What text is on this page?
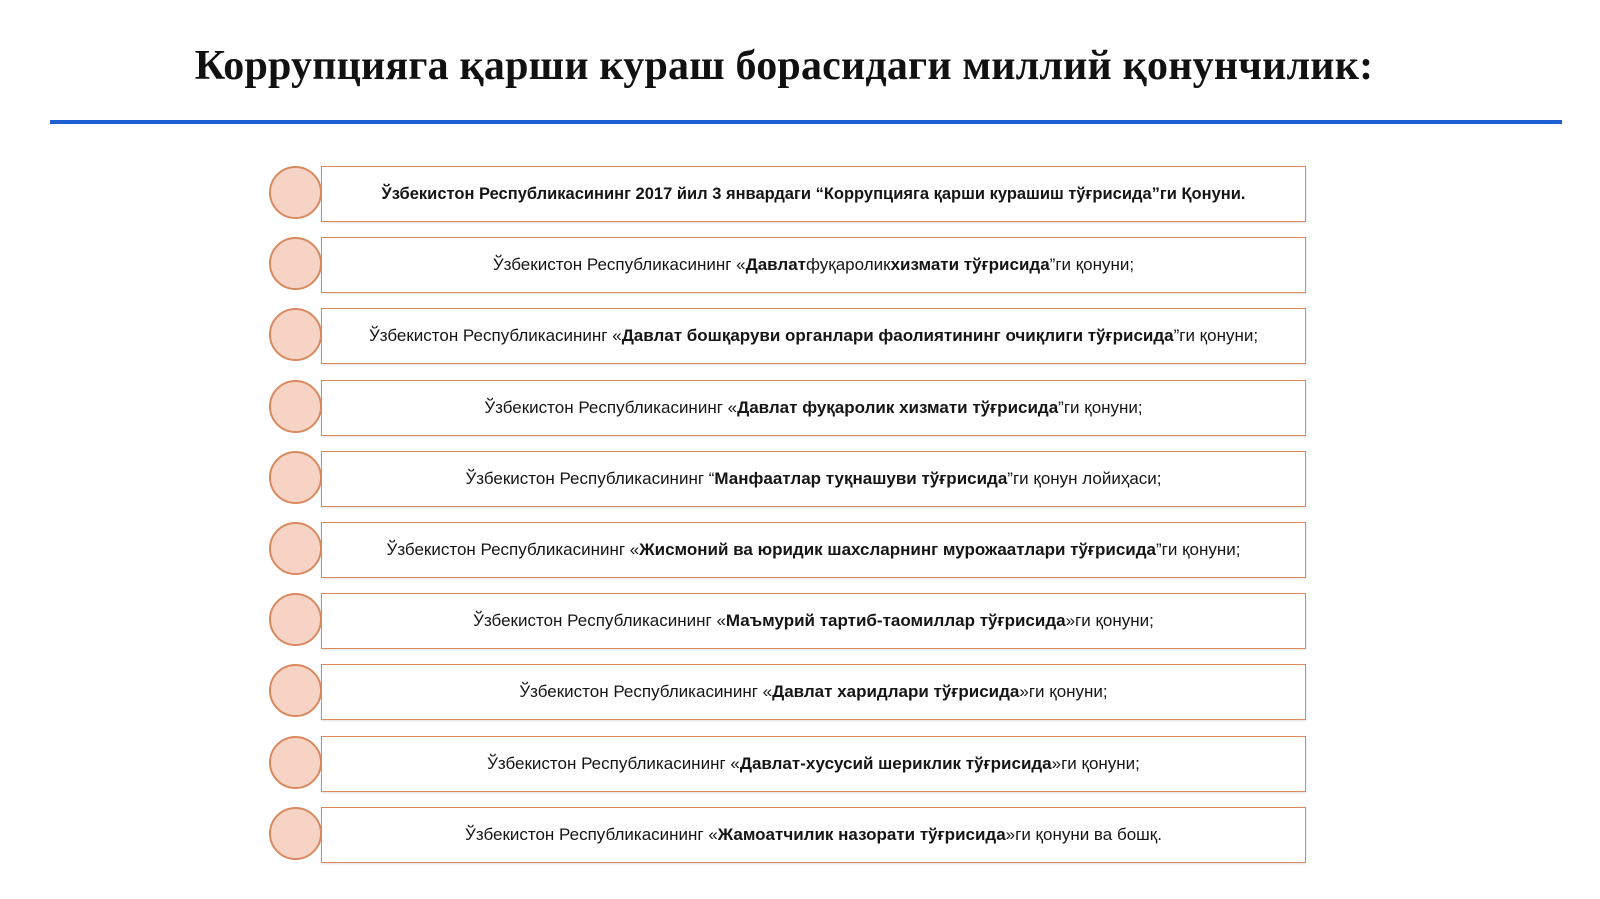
Коррупцияга қарши кураш борасидаги миллий қонунчилик:
Ўзбекистон Республикасининг 2017 йил 3 январдаги “Коррупцияга қарши курашиш тўғрисида”ги Қонуни .
Ўзбекистон Республикасининг « Давлат фуқаролик хизмати тўғрисида ”ги қонуни;
Ўзбекистон Республикасининг « Давлат бошқаруви органлари фаолиятининг очиқлиги тўғрисида ”ги қонуни;
Ўзбекистон Республикасининг « Давлат фуқаролик хизмати тўғрисида ”ги қонуни;
Ўзбекистон Республикасининг “ Манфаатлар туқнашуви тўғрисида ”ги қонун лойиҳаси;
Ўзбекистон Республикасининг « Жисмоний ва юридик шахсларнинг мурожаатлари тўғрисида ”ги қонуни;
Ўзбекистон Республикасининг « Маъмурий тартиб-таомиллар тўғрисида »ги қонуни;
Ўзбекистон Республикасининг « Давлат харидлари тўғрисида »ги қонуни;
Ўзбекистон Республикасининг « Давлат-хусусий шериклик тўғрисида »ги қонуни;
Ўзбекистон Республикасининг « Жамоатчилик назорати тўғрисида »ги қонуни ва бошқ.
